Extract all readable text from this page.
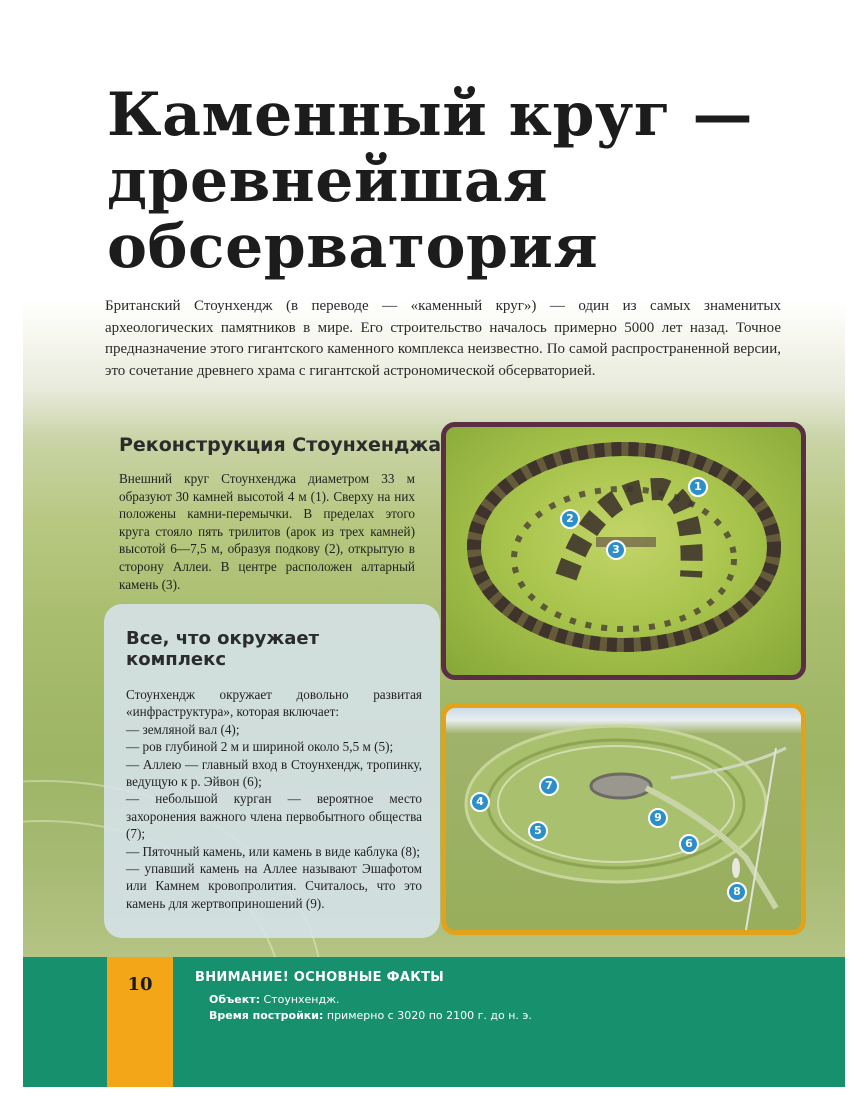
Каменный круг —
древнейшая
обсерватория

Британский Стоунхендж (в переводе — «каменный круг») — один из самых знаменитых археологических памятников в мире. Его строительство началось примерно 5000 лет назад. Точное предназначение этого гигантского каменного комплекса неизвестно. По самой распространенной версии, это сочетание древнего храма с гигантской астрономической обсерваторией.

Реконструкция Стоунхенджа

Внешний круг Стоунхенджа диаметром 33 м образуют 30 камней высотой 4 м (1). Сверху на них положены камни-перемычки. В пределах этого круга стояло пять трилитов (арок из трех камней) высотой 6—7,5 м, образуя подкову (2), открытую в сторону Аллеи. В центре расположен алтарный камень (3).

Все, что окружает комплекс

Стоунхендж окружает довольно развитая «инфраструктура», которая включает:

— земляной вал (4);

— ров глубиной 2 м и шириной около 5,5 м (5);

— Аллею — главный вход в Стоунхендж, тропинку, ведущую к р. Эйвон (6);

— небольшой курган — вероятное место захоронения важного члена первобытного общества (7);

— Пяточный камень, или камень в виде каблука (8);

— упавший камень на Аллее называют Эшафотом или Камнем кровопролития. Считалось, что это камень для жертвоприношений (9).

1
2
3
4
5
6
7
8
9
10	ВНИМАНИЕ! ОСНОВНЫЕ ФАКТЫ
Объект: Стоунхендж.
Время постройки: примерно с 3020 по 2100 г. до н. э.
